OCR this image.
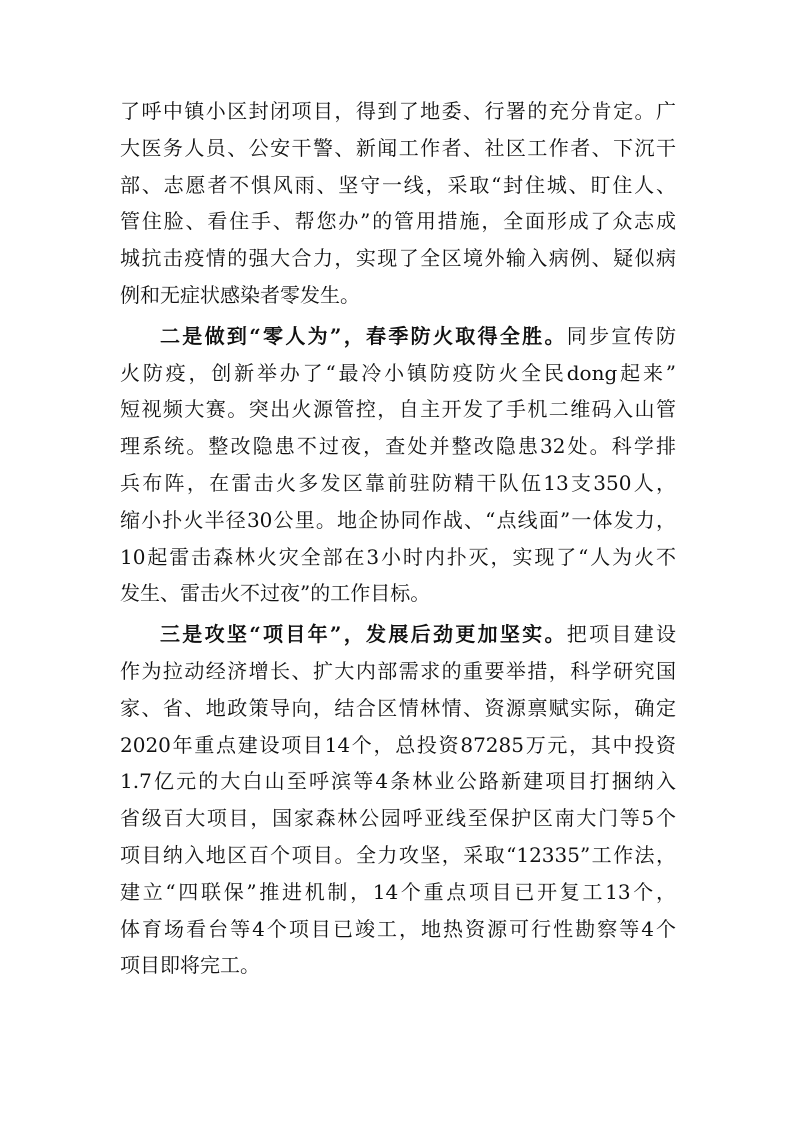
了呼中镇小区封闭项目，得到了地委、行署的充分肯定。广
大医务人员、公安干警、新闻工作者、社区工作者、下沉干
部、志愿者不惧风雨、坚守一线，采取“封住城、盯住人、
管住脸、看住手、帮您办”的管用措施，全面形成了众志成
城抗击疫情的强大合力，实现了全区境外输入病例、疑似病
例和无症状感染者零发生。
二是做到“零人为”，春季防火取得全胜。同步宣传防
火防疫，创新举办了“最冷小镇防疫防火全民dong起来”
短视频大赛。突出火源管控，自主开发了手机二维码入山管
理系统。整改隐患不过夜，查处并整改隐患32处。科学排
兵布阵，在雷击火多发区靠前驻防精干队伍13支350人，
缩小扑火半径30公里。地企协同作战、“点线面”一体发力，
10起雷击森林火灾全部在3小时内扑灭，实现了“人为火不
发生、雷击火不过夜”的工作目标。
三是攻坚“项目年”，发展后劲更加坚实。把项目建设
作为拉动经济增长、扩大内部需求的重要举措，科学研究国
家、省、地政策导向，结合区情林情、资源禀赋实际，确定
2020年重点建设项目14个，总投资87285万元，其中投资
1.7亿元的大白山至呼滨等4条林业公路新建项目打捆纳入
省级百大项目，国家森林公园呼亚线至保护区南大门等5个
项目纳入地区百个项目。全力攻坚，采取“12335”工作法，
建立“四联保”推进机制，14个重点项目已开复工13个，
体育场看台等4个项目已竣工，地热资源可行性勘察等4个
项目即将完工。
